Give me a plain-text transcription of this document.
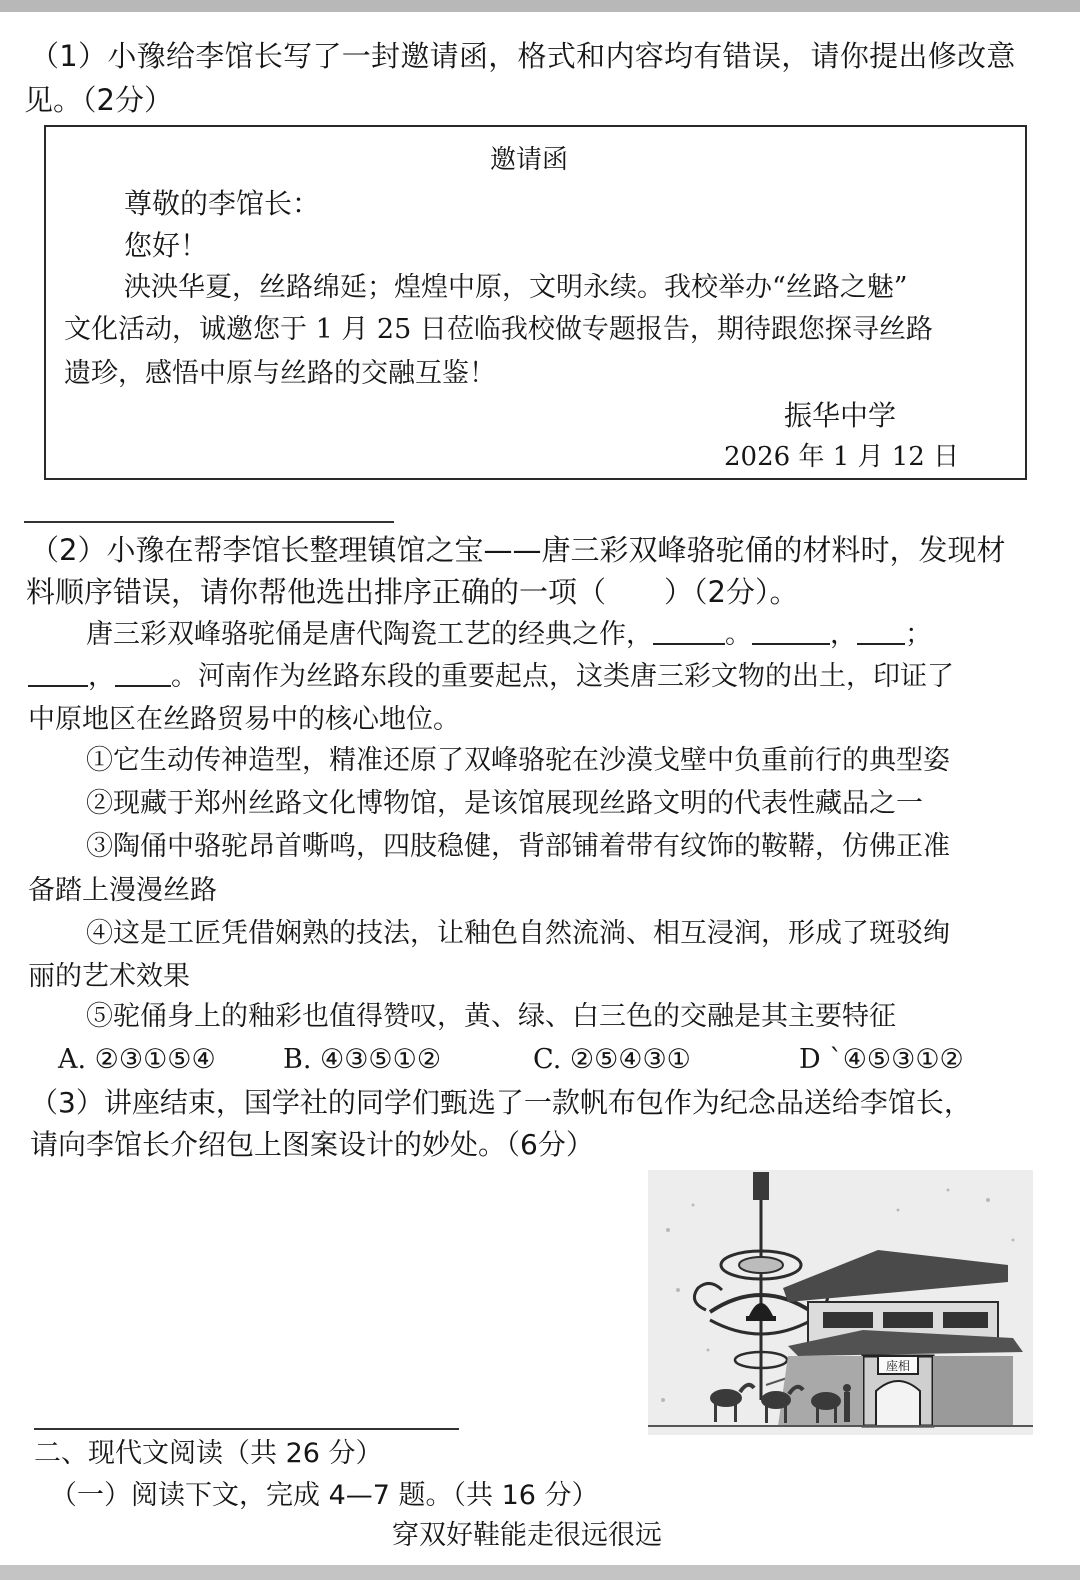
（1）小豫给李馆长写了一封邀请函，格式和内容均有错误，请你提出修改意
见。（2分）
邀请函
尊敬的李馆长：
您好！
泱泱华夏，丝路绵延；煌煌中原，文明永续。我校举办“丝路之魅”
文化活动，诚邀您于 1 月 25 日莅临我校做专题报告，期待跟您探寻丝路
遗珍，感悟中原与丝路的交融互鉴！
振华中学
2026 年 1 月 12 日
（2）小豫在帮李馆长整理镇馆之宝——唐三彩双峰骆驼俑的材料时，发现材
料顺序错误，请你帮他选出排序正确的一项（　　）（2分）。
唐三彩双峰骆驼俑是唐代陶瓷工艺的经典之作，	。	， ；
， 。河南作为丝路东段的重要起点，这类唐三彩文物的出土，印证了
中原地区在丝路贸易中的核心地位。
①它生动传神造型，精准还原了双峰骆驼在沙漠戈壁中负重前行的典型姿
②现藏于郑州丝路文化博物馆，是该馆展现丝路文明的代表性藏品之一
③陶俑中骆驼昂首嘶鸣，四肢稳健，背部铺着带有纹饰的鞍鞯，仿佛正准
备踏上漫漫丝路
④这是工匠凭借娴熟的技法，让釉色自然流淌、相互浸润，形成了斑驳绚
丽的艺术效果
⑤驼俑身上的釉彩也值得赞叹，黄、绿、白三色的交融是其主要特征
A. ②③①⑤④ B. ④③⑤①②	C. ②⑤④③①	D ˋ④⑤③①②
（3）讲座结束，国学社的同学们甄选了一款帆布包作为纪念品送给李馆长，
请向李馆长介绍包上图案设计的妙处。（6分）
座相
二、现代文阅读（共 26 分）
（一）阅读下文，完成 4—7 题。（共 16 分）
穿双好鞋能走很远很远
